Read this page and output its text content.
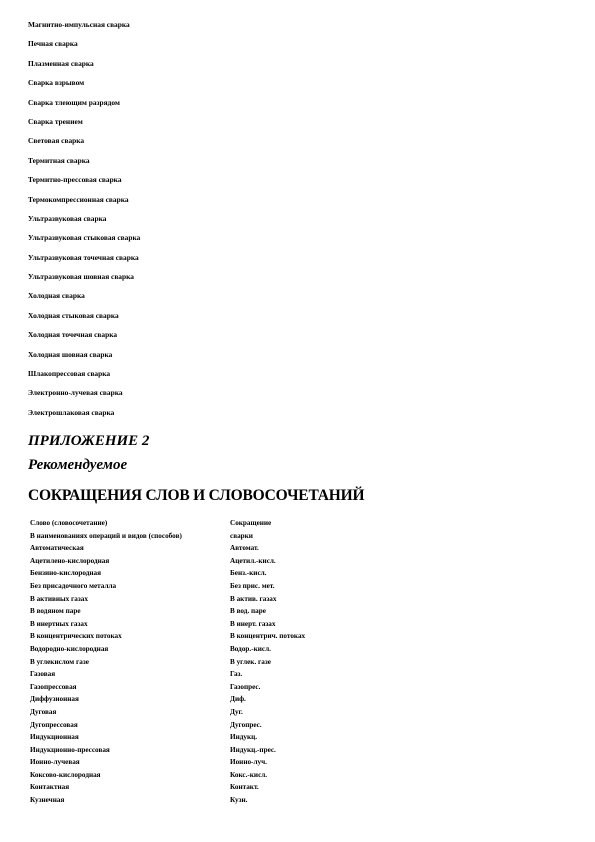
Магнитно-импульсная сварка
Печная сварка
Плазменная сварка
Сварка взрывом
Сварка тлеющим разрядом
Сварка трением
Световая сварка
Термитная сварка
Термитно-прессовая сварка
Термокомпрессионная сварка
Ультразвуковая сварка
Ультразвуковая стыковая сварка
Ультразвуковая точечная сварка
Ультразвуковая шовная сварка
Холодная сварка
Холодная стыковая сварка
Холодная точечная сварка
Холодная шовная сварка
Шлакопрессовая сварка
Электронно-лучевая сварка
Электрошлаковая сварка
ПРИЛОЖЕНИЕ 2
Рекомендуемое
СОКРАЩЕНИЯ СЛОВ И СЛОВОСОЧЕТАНИЙ
Слово (словосочетание)	Сокращение
В наименованиях операций и видов (способов)	сварки
Автоматическая	Автомат.
Ацетилено-кислородная	Ацетил.-кисл.
Бензино-кислородная	Бенз.-кисл.
Без присадочного металла	Без прис. мет.
В активных газах	В актив. газах
В водяном паре	В вод. паре
В инертных газах	В инерт. газах
В концентрических потоках	В концентрич. потоках
Водородно-кислородная	Водор.-кисл.
В углекислом газе	В углек. газе
Газовая	Газ.
Газопрессовая	Газопрес.
Диффузионная	Диф.
Дуговая	Дуг.
Дугопрессовая	Дугопрес.
Индукционная	Индукц.
Индукционно-прессовая	Индукц.-прес.
Ионно-лучевая	Ионно-луч.
Коксово-кислородная	Кокс.-кисл.
Контактная	Контакт.
Кузнечная	Кузн.
